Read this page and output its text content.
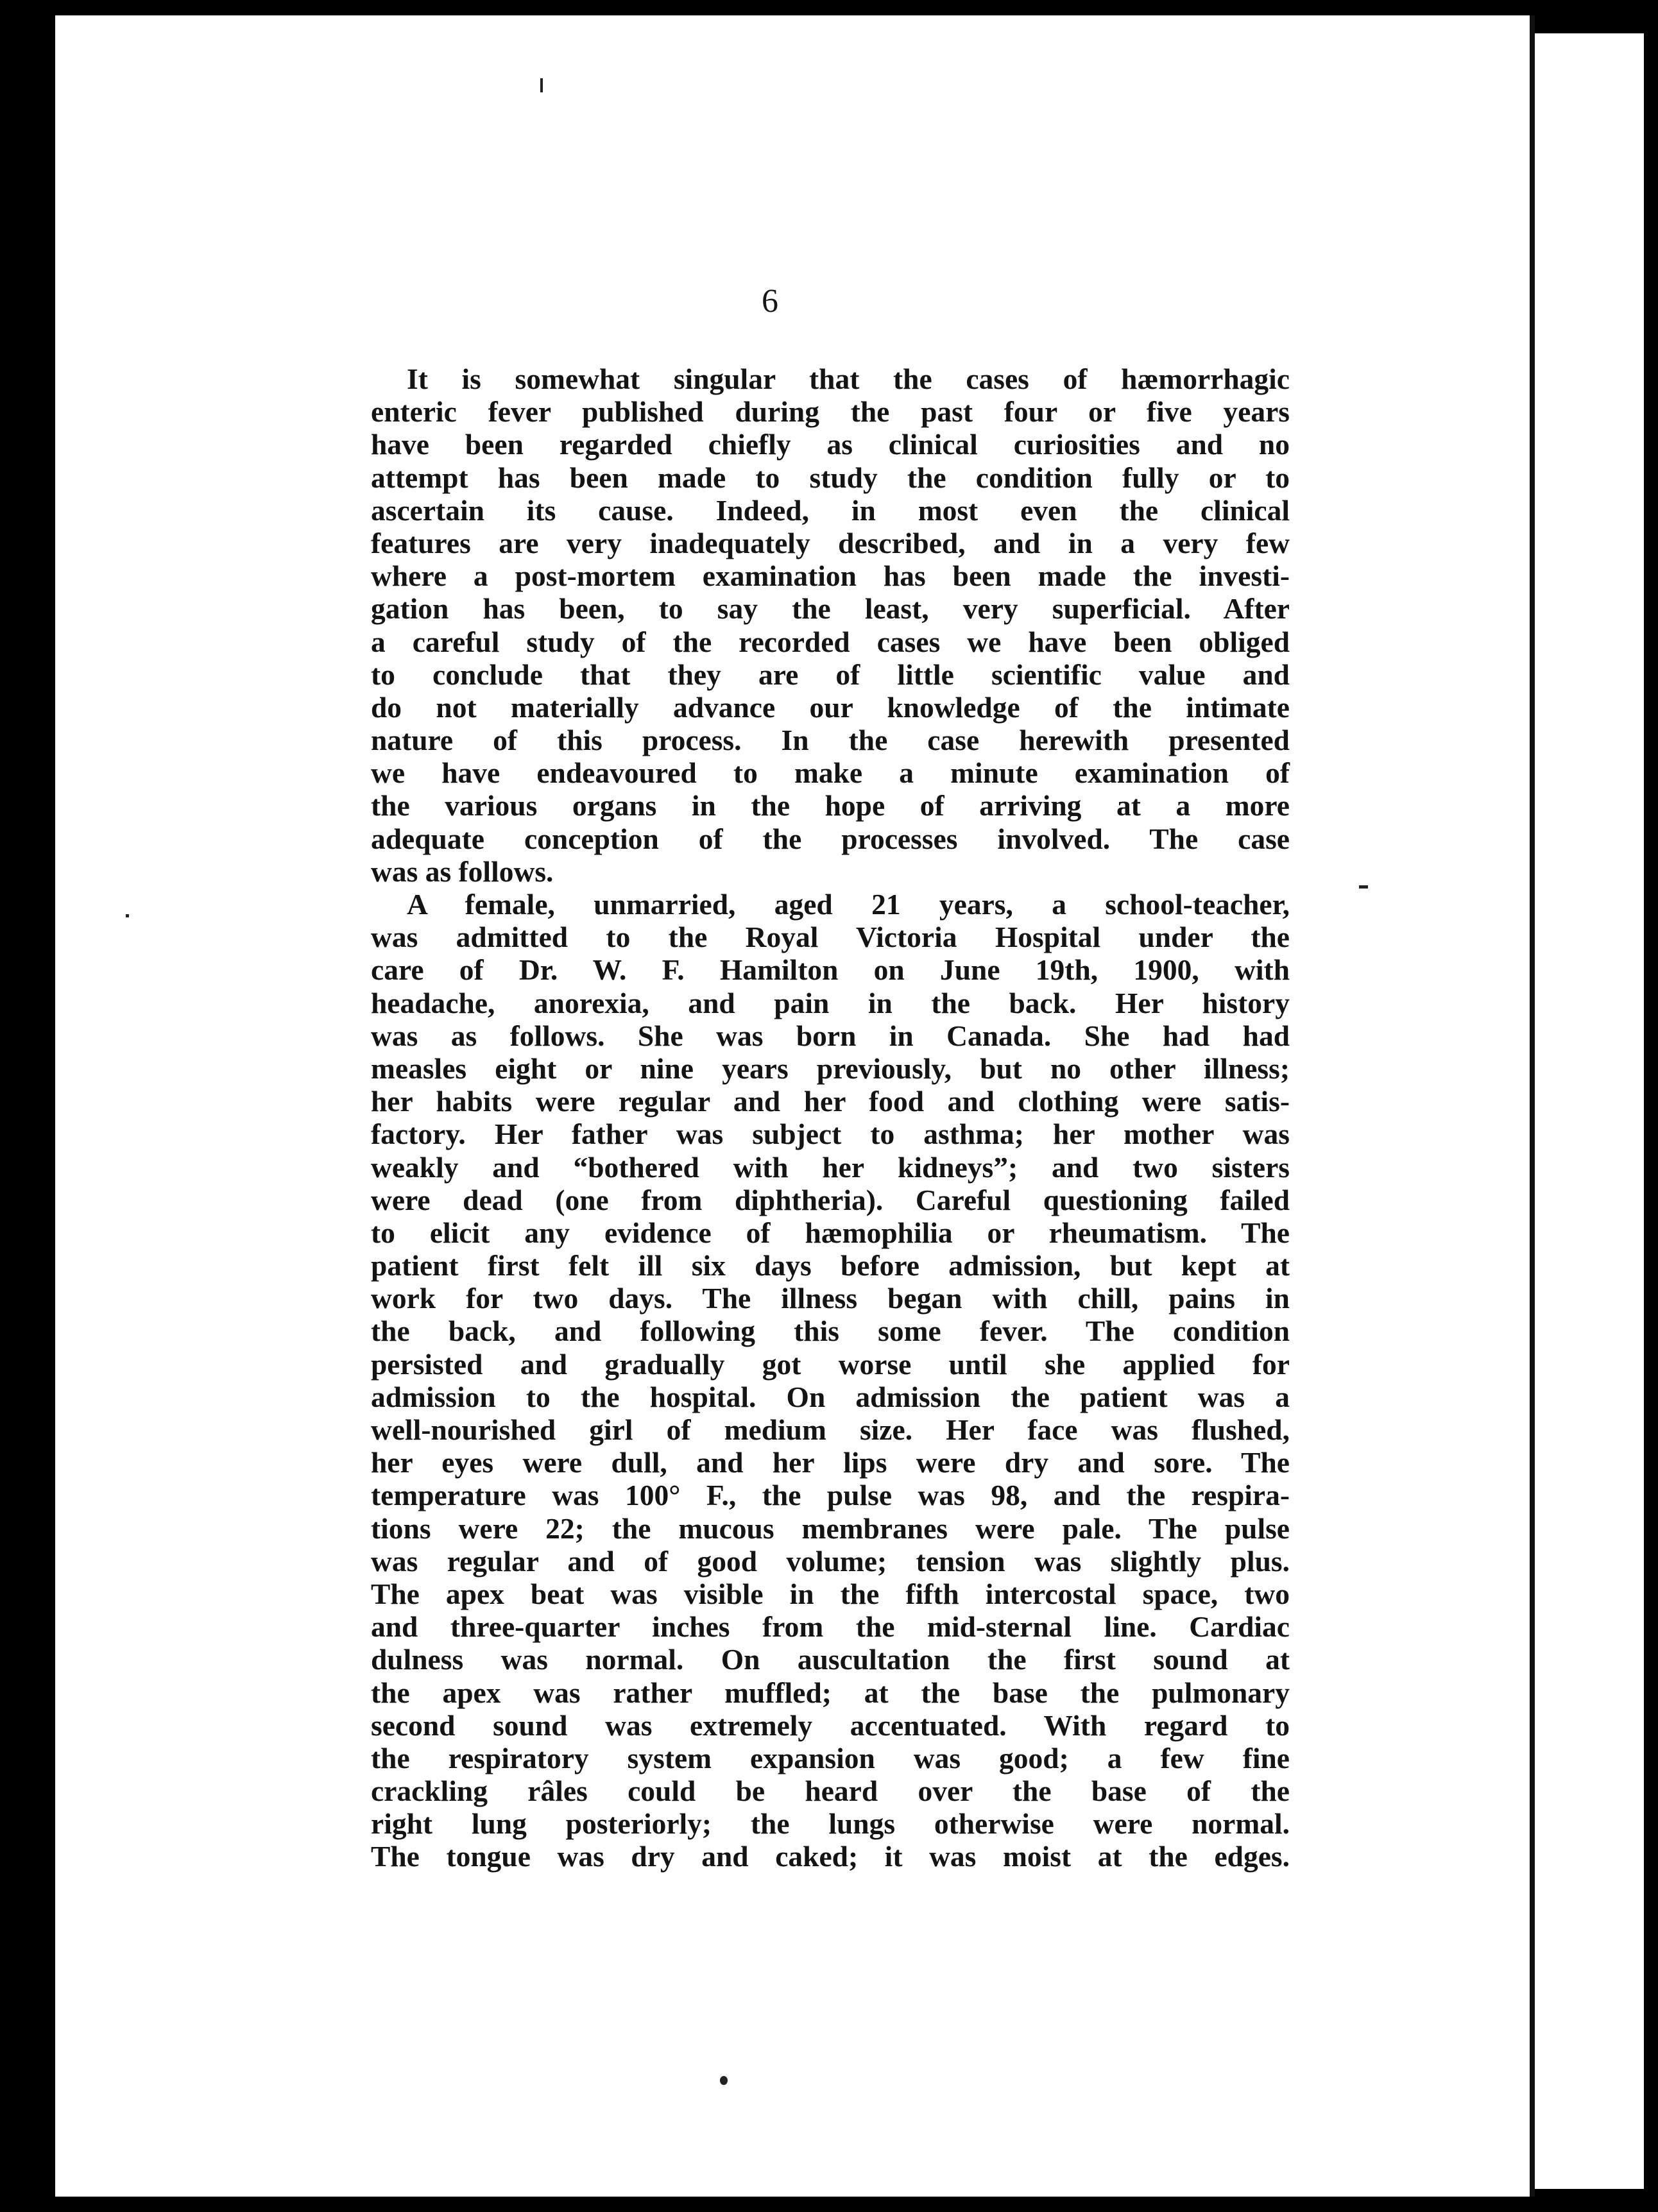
6
It is somewhat singular that the cases of hæmorrhagic
enteric fever published during the past four or five years
have been regarded chiefly as clinical curiosities and no
attempt has been made to study the condition fully or to
ascertain its cause. Indeed, in most even the clinical
features are very inadequately described, and in a very few
where a post-mortem examination has been made the investi-
gation has been, to say the least, very superficial. After
a careful study of the recorded cases we have been obliged
to conclude that they are of little scientific value and
do not materially advance our knowledge of the intimate
nature of this process. In the case herewith presented
we have endeavoured to make a minute examination of
the various organs in the hope of arriving at a more
adequate conception of the processes involved. The case
was as follows.
A female, unmarried, aged 21 years, a school-teacher,
was admitted to the Royal Victoria Hospital under the
care of Dr. W. F. Hamilton on June 19th, 1900, with
headache, anorexia, and pain in the back. Her history
was as follows. She was born in Canada. She had had
measles eight or nine years previously, but no other illness;
her habits were regular and her food and clothing were satis-
factory. Her father was subject to asthma; her mother was
weakly and “bothered with her kidneys”; and two sisters
were dead (one from diphtheria). Careful questioning failed
to elicit any evidence of hæmophilia or rheumatism. The
patient first felt ill six days before admission, but kept at
work for two days. The illness began with chill, pains in
the back, and following this some fever. The condition
persisted and gradually got worse until she applied for
admission to the hospital. On admission the patient was a
well-nourished girl of medium size. Her face was flushed,
her eyes were dull, and her lips were dry and sore. The
temperature was 100° F., the pulse was 98, and the respira-
tions were 22; the mucous membranes were pale. The pulse
was regular and of good volume; tension was slightly plus.
The apex beat was visible in the fifth intercostal space, two
and three-quarter inches from the mid-sternal line. Cardiac
dulness was normal. On auscultation the first sound at
the apex was rather muffled; at the base the pulmonary
second sound was extremely accentuated. With regard to
the respiratory system expansion was good; a few fine
crackling râles could be heard over the base of the
right lung posteriorly; the lungs otherwise were normal.
The tongue was dry and caked; it was moist at the edges.
